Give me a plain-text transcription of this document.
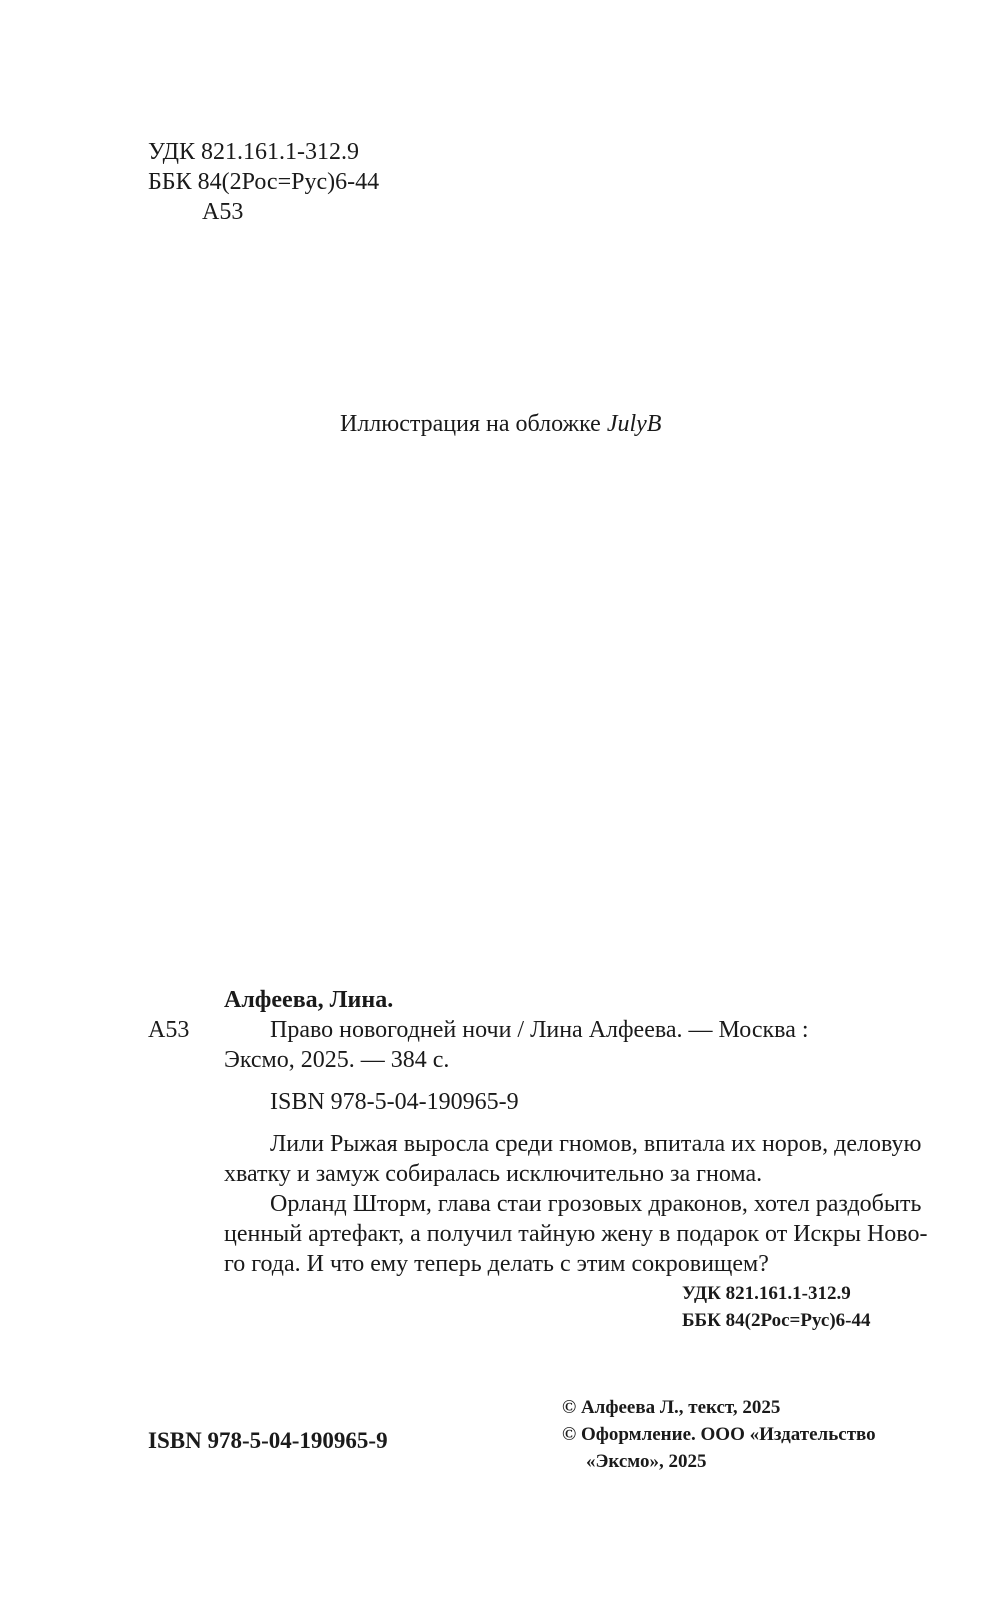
УДК 821.161.1-312.9
ББК 84(2Рос=Рус)6-44
А53
Иллюстрация на обложке JulyB
Алфеева, Лина.
А53	Право новогодней ночи / Лина Алфеева. — Москва :
Эксмо, 2025. — 384 с.
ISBN 978-5-04-190965-9
Лили Рыжая выросла среди гномов, впитала их норов, деловую
хватку и замуж собиралась исключительно за гнома.
Орланд Шторм, глава стаи грозовых драконов, хотел раздобыть
ценный артефакт, а получил тайную жену в подарок от Искры Ново-
го года. И что ему теперь делать с этим сокровищем?
УДК 821.161.1-312.9
ББК 84(2Рос=Рус)6-44
ISBN 978-5-04-190965-9
© Алфеева Л., текст, 2025
© Оформление. ООО «Издательство
«Эксмо», 2025
